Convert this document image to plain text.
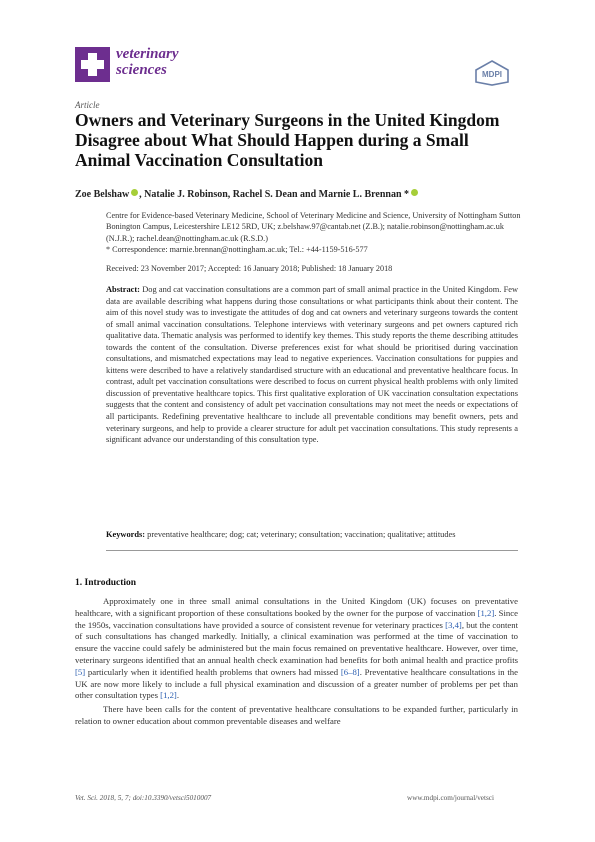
veterinary
sciences	MDPI
Article
Owners and Veterinary Surgeons in the United Kingdom Disagree about What Should Happen during a Small Animal Vaccination Consultation
Zoe Belshaw , Natalie J. Robinson, Rachel S. Dean and Marnie L. Brennan *
Centre for Evidence-based Veterinary Medicine, School of Veterinary Medicine and Science, University of Nottingham Sutton Bonington Campus, Leicestershire LE12 5RD, UK; z.belshaw.97@cantab.net (Z.B.); natalie.robinson@nottingham.ac.uk (N.J.R.); rachel.dean@nottingham.ac.uk (R.S.D.)
* Correspondence: marnie.brennan@nottingham.ac.uk; Tel.: +44-1159-516-577
Received: 23 November 2017; Accepted: 16 January 2018; Published: 18 January 2018
Abstract: Dog and cat vaccination consultations are a common part of small animal practice in the United Kingdom. Few data are available describing what happens during those consultations or what participants think about their content. The aim of this novel study was to investigate the attitudes of dog and cat owners and veterinary surgeons towards the content of small animal vaccination consultations. Telephone interviews with veterinary surgeons and pet owners captured rich qualitative data. Thematic analysis was performed to identify key themes. This study reports the theme describing attitudes towards the content of the consultation. Diverse preferences exist for what should be prioritised during vaccination consultations, and mismatched expectations may lead to negative experiences. Vaccination consultations for puppies and kittens were described to have a relatively standardised structure with an educational and preventative healthcare focus. In contrast, adult pet vaccination consultations were described to focus on current physical health problems with only limited discussion of preventative healthcare topics. This first qualitative exploration of UK vaccination consultation expectations suggests that the content and consistency of adult pet vaccination consultations may not meet the needs or expectations of all participants. Redefining preventative healthcare to include all preventable conditions may benefit owners, pets and veterinary surgeons, and help to provide a clearer structure for adult pet vaccination consultations. This study represents a significant advance our understanding of this consultation type.
Keywords: preventative healthcare; dog; cat; veterinary; consultation; vaccination; qualitative; attitudes
1. Introduction

Approximately one in three small animal consultations in the United Kingdom (UK) focuses on preventative healthcare, with a significant proportion of these consultations booked by the owner for the purpose of vaccination [1,2]. Since the 1950s, vaccination consultations have provided a source of consistent revenue for veterinary practices [3,4], but the content of such consultations has changed markedly. Initially, a clinical examination was performed at the time of vaccination to ensure the vaccine could safely be administered but the main focus remained on preventative healthcare. However, over time, veterinary surgeons identified that an annual health check examination had benefits for both animal health and practice profits [5] particularly when it identified health problems that owners had missed [6–8]. Preventative healthcare consultations in the UK are now more likely to include a full physical examination and discussion of a greater number of problems per pet than other consultation types [1,2].

There have been calls for the content of preventative healthcare consultations to be expanded further, particularly in relation to owner education about common preventable diseases and welfare

Vet. Sci. 2018, 5, 7; doi:10.3390/vetsci5010007	www.mdpi.com/journal/vetsci
